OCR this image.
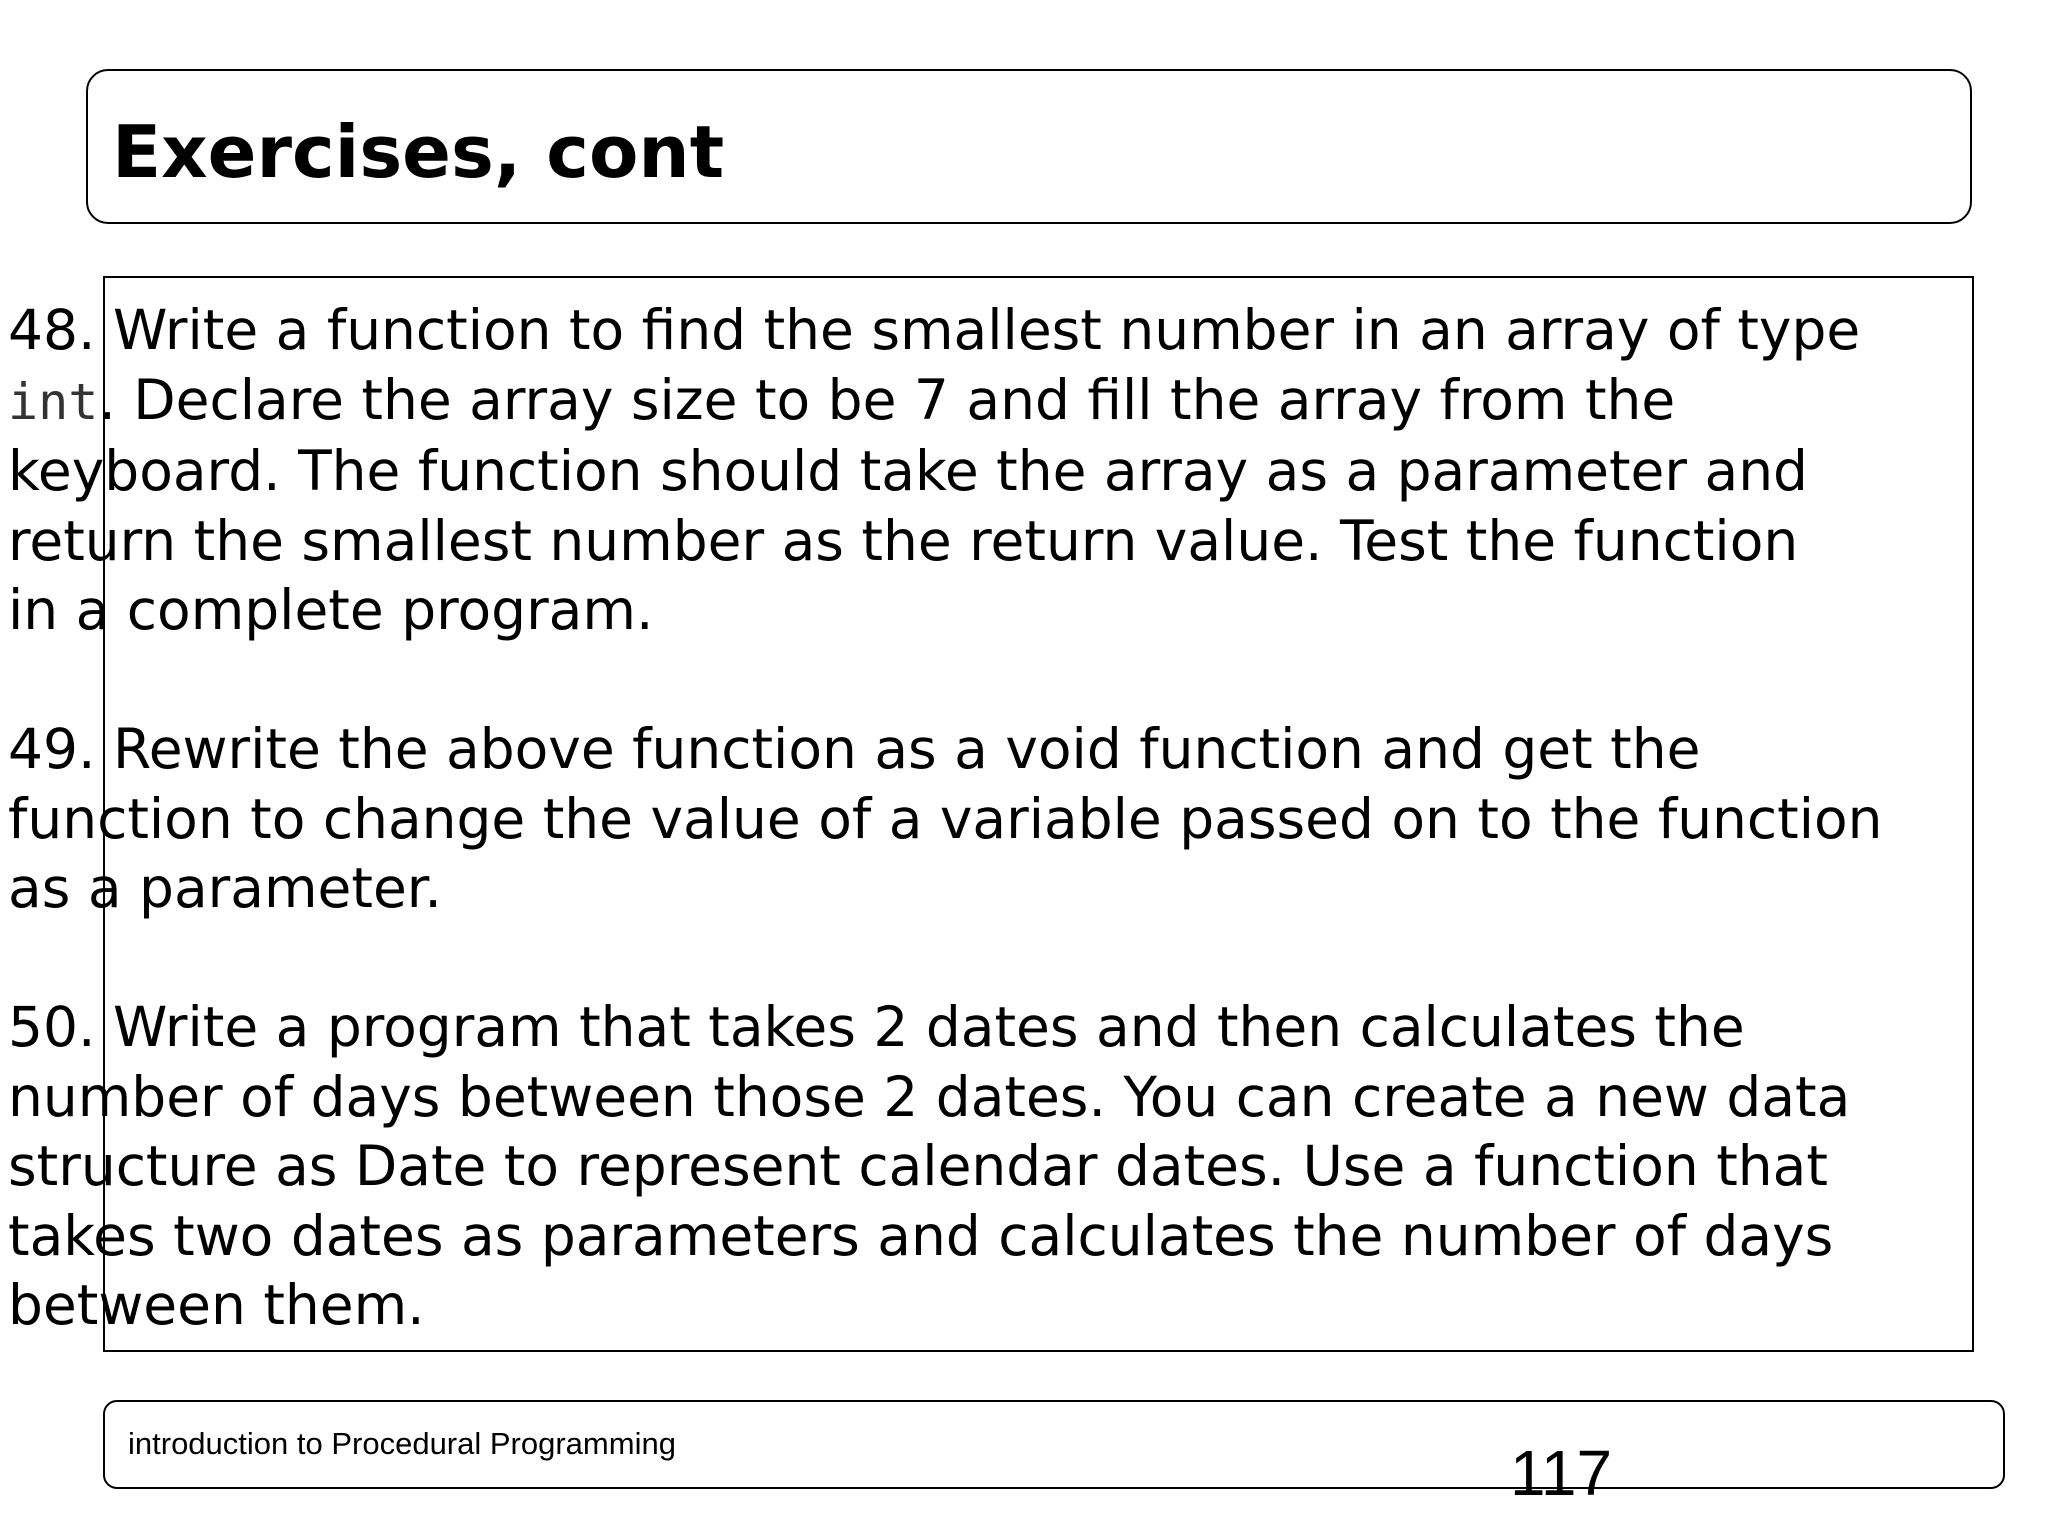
Exercises, cont

48. Write a function to find the smallest number in an array of type
int. Declare the array size to be 7 and fill the array from the
keyboard. The function should take the array as a parameter and
return the smallest number as the return value. Test the function
in a complete program.

49. Rewrite the above function as a void function and get the
function to change the value of a variable passed on to the function
as a parameter.

50. Write a program that takes 2 dates and then calculates the
number of days between those 2 dates. You can create a new data
structure as Date to represent calendar dates. Use a function that
takes two dates as parameters and calculates the number of days
between them.

introduction to Procedural Programming	117
